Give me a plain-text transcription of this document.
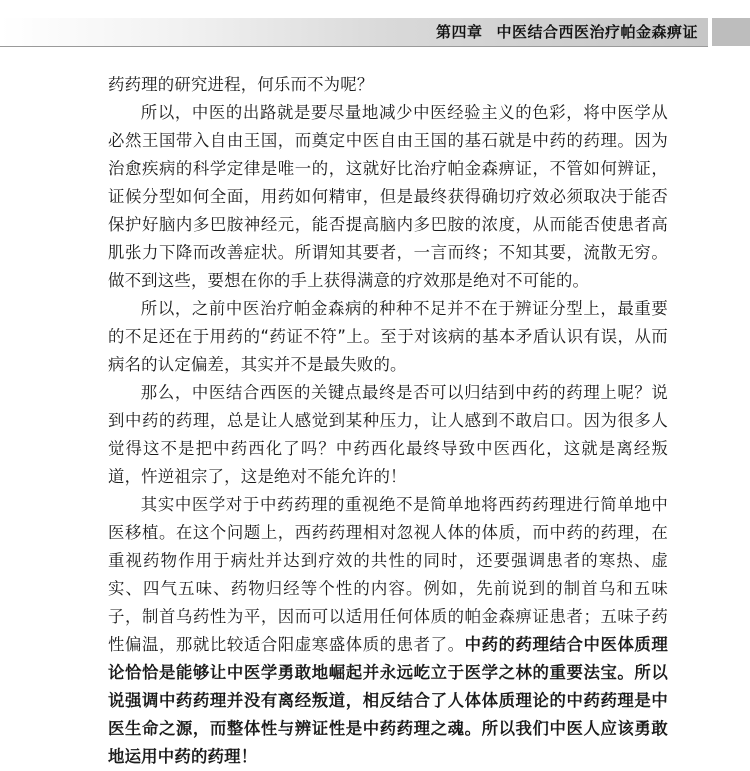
第四章 中医结合西医治疗帕金森痹证

药药理的研究进程，何乐而不为呢？

所以，中医的出路就是要尽量地减少中医经验主义的色彩，将中医学从必然王国带入自由王国，而奠定中医自由王国的基石就是中药的药理。因为治愈疾病的科学定律是唯一的，这就好比治疗帕金森痹证，不管如何辨证，证候分型如何全面，用药如何精审，但是最终获得确切疗效必须取决于能否保护好脑内多巴胺神经元，能否提高脑内多巴胺的浓度，从而能否使患者高肌张力下降而改善症状。所谓知其要者，一言而终；不知其要，流散无穷。做不到这些，要想在你的手上获得满意的疗效那是绝对不可能的。

所以，之前中医治疗帕金森病的种种不足并不在于辨证分型上，最重要的不足还在于用药的“药证不符”上。至于对该病的基本矛盾认识有误，从而病名的认定偏差，其实并不是最失败的。

那么，中医结合西医的关键点最终是否可以归结到中药的药理上呢？说到中药的药理，总是让人感觉到某种压力，让人感到不敢启口。因为很多人觉得这不是把中药西化了吗？中药西化最终导致中医西化，这就是离经叛道，忤逆祖宗了，这是绝对不能允许的！

其实中医学对于中药药理的重视绝不是简单地将西药药理进行简单地中医移植。在这个问题上，西药药理相对忽视人体的体质，而中药的药理，在重视药物作用于病灶并达到疗效的共性的同时，还要强调患者的寒热、虚实、四气五味、药物归经等个性的内容。例如，先前说到的制首乌和五味子，制首乌药性为平，因而可以适用任何体质的帕金森痹证患者；五味子药性偏温，那就比较适合阳虚寒盛体质的患者了。中药的药理结合中医体质理论恰恰是能够让中医学勇敢地崛起并永远屹立于医学之林的重要法宝。所以说强调中药药理并没有离经叛道，相反结合了人体体质理论的中药药理是中医生命之源，而整体性与辨证性是中药药理之魂。所以我们中医人应该勇敢地运用中药的药理！
